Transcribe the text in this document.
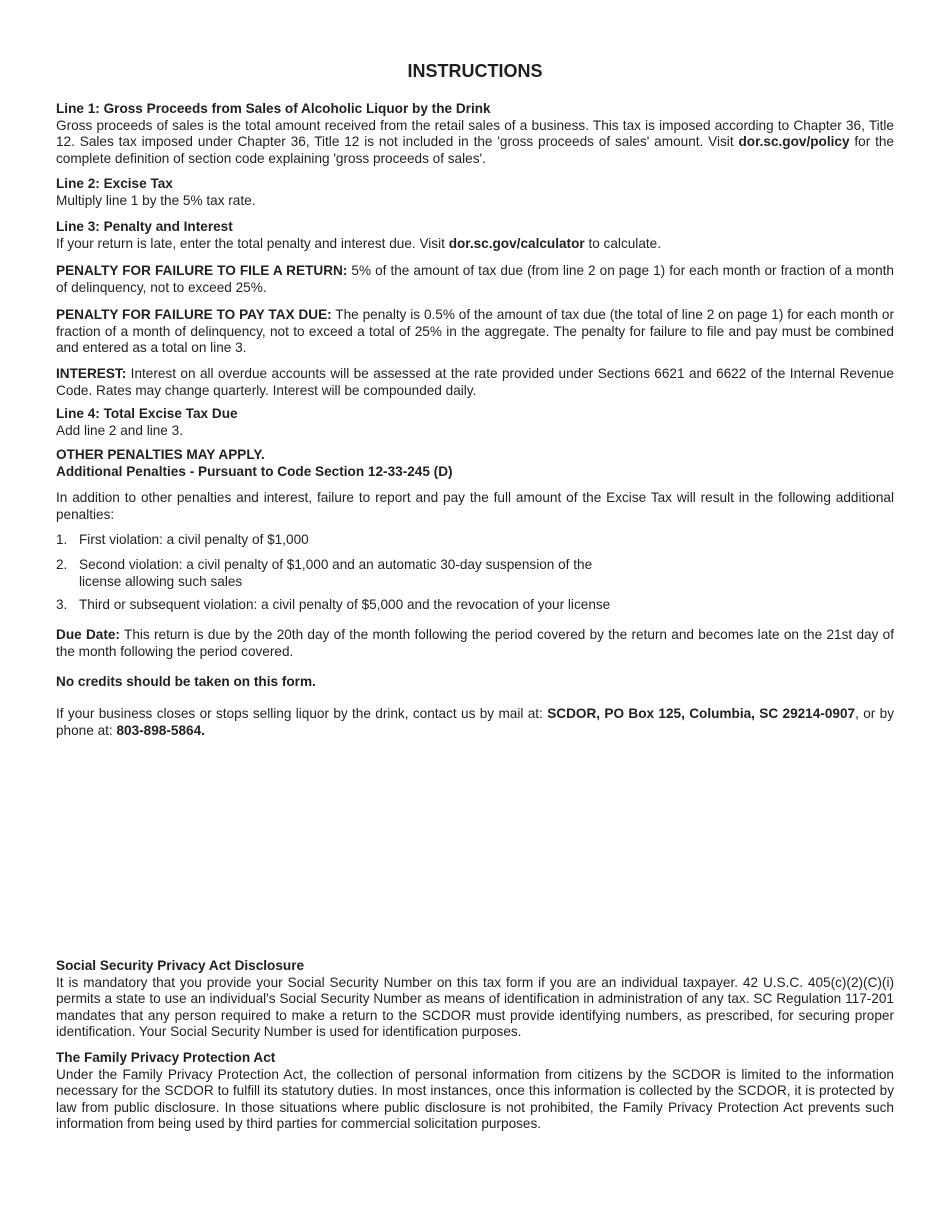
INSTRUCTIONS
Line 1: Gross Proceeds from Sales of Alcoholic Liquor by the Drink

Gross proceeds of sales is the total amount received from the retail sales of a business. This tax is imposed according to Chapter 36, Title 12. Sales tax imposed under Chapter 36, Title 12 is not included in the 'gross proceeds of sales' amount. Visit dor.sc.gov/policy for the complete definition of section code explaining 'gross proceeds of sales'.

Line 2: Excise Tax

Multiply line 1 by the 5% tax rate.

Line 3: Penalty and Interest

If your return is late, enter the total penalty and interest due. Visit dor.sc.gov/calculator to calculate.

PENALTY FOR FAILURE TO FILE A RETURN: 5% of the amount of tax due (from line 2 on page 1) for each month or fraction of a month of delinquency, not to exceed 25%.

PENALTY FOR FAILURE TO PAY TAX DUE: The penalty is 0.5% of the amount of tax due (the total of line 2 on page 1) for each month or fraction of a month of delinquency, not to exceed a total of 25% in the aggregate. The penalty for failure to file and pay must be combined and entered as a total on line 3.

INTEREST: Interest on all overdue accounts will be assessed at the rate provided under Sections 6621 and 6622 of the Internal Revenue Code. Rates may change quarterly. Interest will be compounded daily.

Line 4: Total Excise Tax Due

Add line 2 and line 3.

OTHER PENALTIES MAY APPLY.
Additional Penalties - Pursuant to Code Section 12-33-245 (D)

In addition to other penalties and interest, failure to report and pay the full amount of the Excise Tax will result in the following additional penalties:

1. First violation: a civil penalty of $1,000
2. Second violation: a civil penalty of $1,000 and an automatic 30-day suspension of the license allowing such sales
3. Third or subsequent violation: a civil penalty of $5,000 and the revocation of your license

Due Date: This return is due by the 20th day of the month following the period covered by the return and becomes late on the 21st day of the month following the period covered.

No credits should be taken on this form.

If your business closes or stops selling liquor by the drink, contact us by mail at: SCDOR, PO Box 125, Columbia, SC 29214-0907, or by phone at: 803-898-5864.

Social Security Privacy Act Disclosure

It is mandatory that you provide your Social Security Number on this tax form if you are an individual taxpayer. 42 U.S.C. 405(c)(2)(C)(i) permits a state to use an individual's Social Security Number as means of identification in administration of any tax. SC Regulation 117-201 mandates that any person required to make a return to the SCDOR must provide identifying numbers, as prescribed, for securing proper identification. Your Social Security Number is used for identification purposes.

The Family Privacy Protection Act

Under the Family Privacy Protection Act, the collection of personal information from citizens by the SCDOR is limited to the information necessary for the SCDOR to fulfill its statutory duties. In most instances, once this information is collected by the SCDOR, it is protected by law from public disclosure. In those situations where public disclosure is not prohibited, the Family Privacy Protection Act prevents such information from being used by third parties for commercial solicitation purposes.
